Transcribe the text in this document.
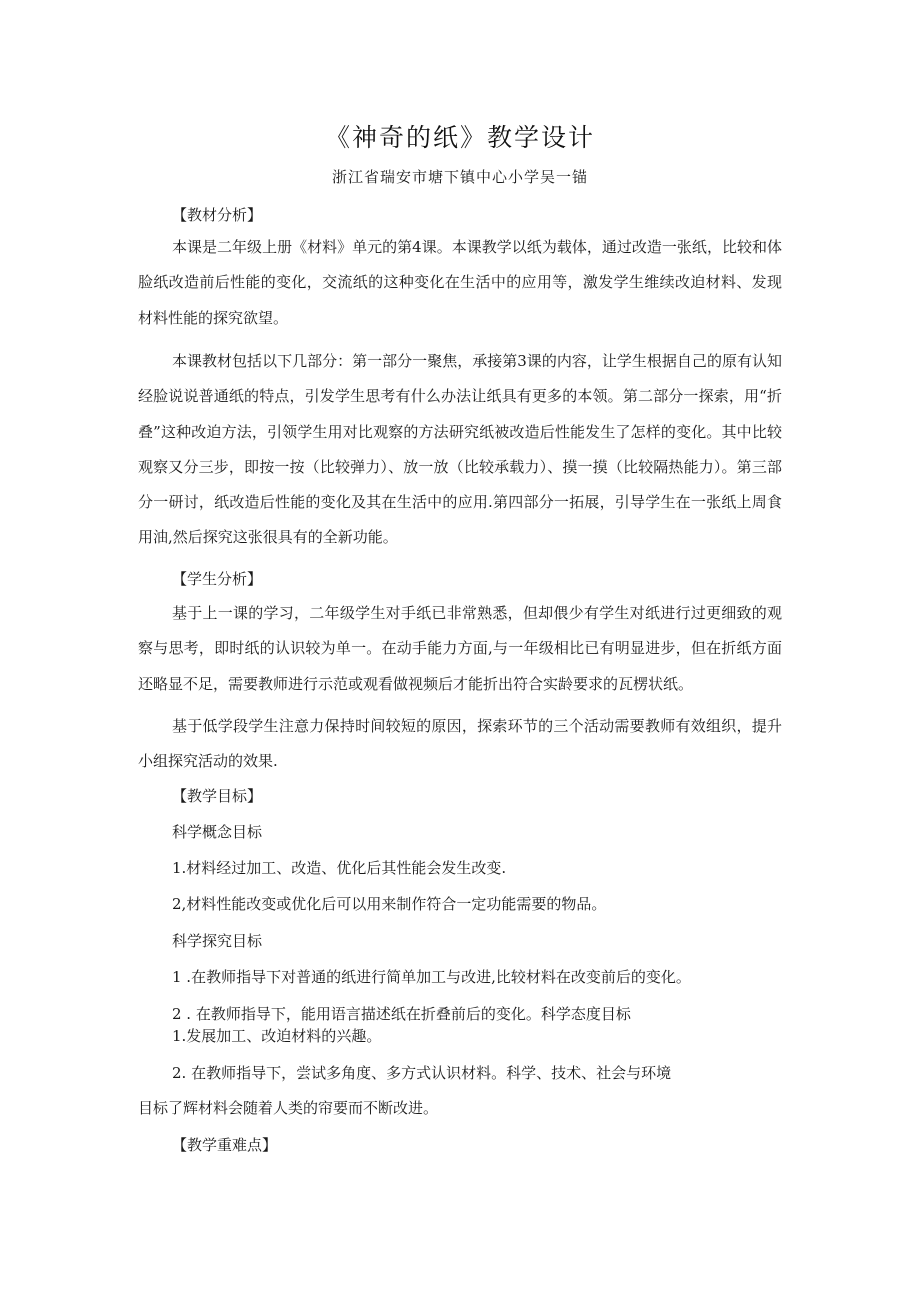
《神奇的纸》教学设计
浙江省瑞安市塘下镇中心小学吴一锚
【教材分析】

本课是二年级上册《材料》单元的第4课。本课教学以纸为载体，通过改造一张纸，比较和体脸纸改造前后性能的变化，交流纸的这种变化在生活中的应用等，激发学生维续改迫材料、发现材料性能的探究欲望。

本课教材包括以下几部分：第一部分一聚焦，承接第3课的内容，让学生根据自己的原有认知经脸说说普通纸的特点，引发学生思考有什么办法让纸具有更多的本领。第二部分一探索，用“折叠”这种改迫方法，引领学生用对比观察的方法研究纸被改造后性能发生了怎样的变化。其中比较观察又分三步，即按一按（比较弹力）、放一放（比较承载力）、摸一摸（比较隔热能力）。第三部分一研讨，纸改造后性能的变化及其在生活中的应用.第四部分一拓展，引导学生在一张纸上周食用油,然后探究这张很具有的全新功能。

【学生分析】

基于上一课的学习，二年级学生对手纸已非常熟悉，但却偎少有学生对纸进行过更细致的观察与思考，即时纸的认识较为单一。在动手能力方面,与一年级相比已有明显进步，但在折纸方面还略显不足，需要教师进行示范或观看做视频后才能折出符合实龄要求的瓦楞状纸。

基于低学段学生注意力保持时间较短的原因，探索环节的三个活动需要教师有效组织，提升小组探究活动的效果.

【教学目标】
科学概念目标
1.材料经过加工、改造、优化后其性能会发生改变.
2,材料性能改变或优化后可以用来制作符合一定功能需要的物品。
科学探究目标
1 .在教师指导下对普通的纸进行简单加工与改进,比较材料在改变前后的变化。
2 . 在教师指导下，能用语言描述纸在折叠前后的变化。科学态度目标
1.发展加工、改迫材料的兴趣。
2. 在教师指导下，尝试多角度、多方式认识材料。科学、技术、社会与环境
目标了辉材料会随着人类的帘要而不断改进。
【教学重难点】
